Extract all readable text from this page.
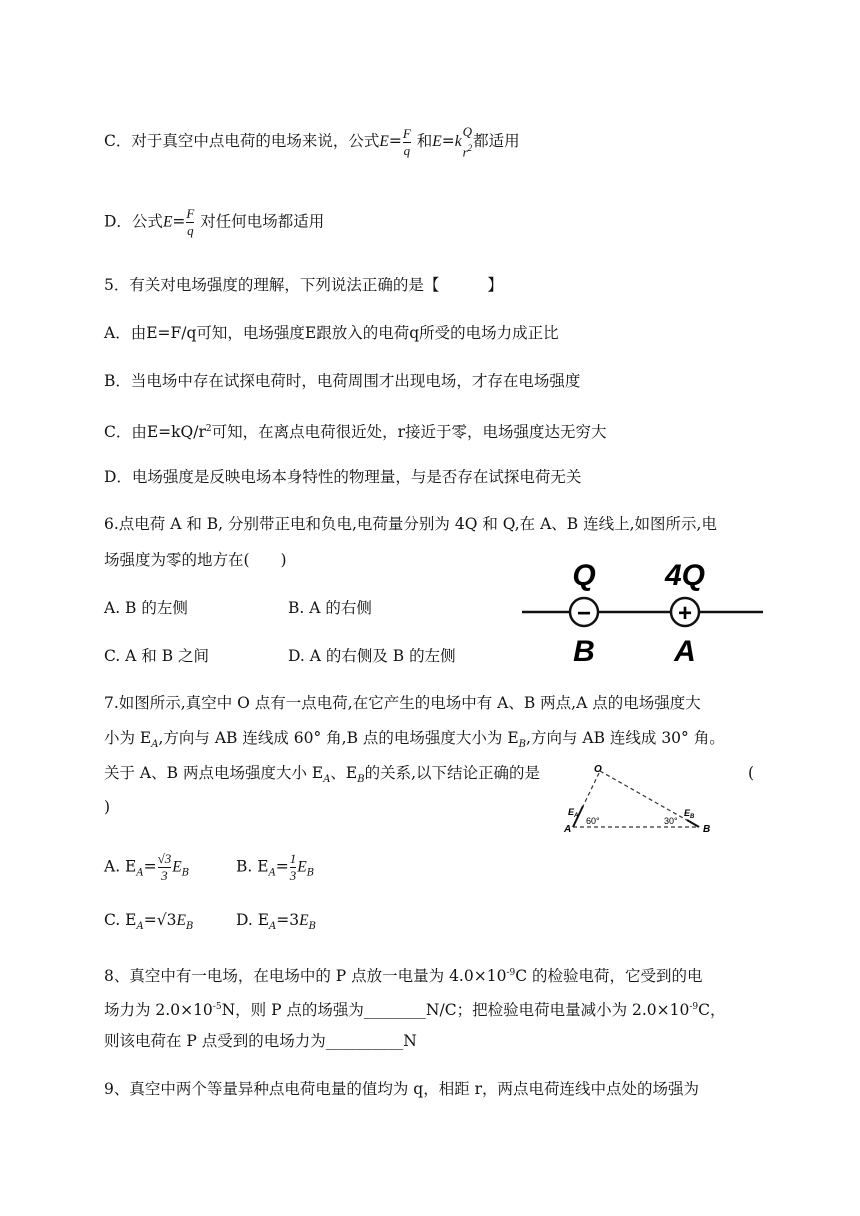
C．对于真空中点电荷的电场来说，公式$E= \frac{F}{q}$ 和E=k
Q
$r^2$ 都适用
D．公式$E= \frac{F}{q}$ 对任何电场都适用
5．有关对电场强度的理解，下列说法正确的是【	】
A．由E=F/q可知，电场强度E跟放入的电荷q所受的电场力成正比
B．当电场中存在试探电荷时，电荷周围才出现电场，才存在电场强度
C．由$E=kQ/r^2$可知，在离点电荷很近处，r接近于零，电场强度达无穷大
D．电场强度是反映电场本身特性的物理量，与是否存在试探电荷无关
6.点电荷 A 和 B, 分别带正电和负电,电荷量分别为 4Q 和 Q,在 A、B 连线上,如图所示,电
场强度为零的地方在(　　)
A. B 的左侧	B. A 的右侧
C. A 和 B 之间	D. A 的右侧及 B 的左侧
Q 4Q
−	+
B	A
7.如图所示,真空中 O 点有一点电荷,在它产生的电场中有 A、B 两点,A 点的电场强度大
小为 $E_A$,方向与 AB 连线成 60° 角,B 点的电场强度大小为 $E_B$,方向与 AB 连线成 30° 角。
关于 A、B 两点电场强度大小 $E_A$、$E_B$的关系,以下结论正确的是	(
)
O
A	B
$E_A$	$E_B$
60°	30°
A. $E_A= \frac{√3}{3} E_B$	B. $E_A= \frac{1}{3} E_B$
C. $E_A=√3E_B$	D. $E_A=3E_B$
8、真空中有一电场，在电场中的 P 点放一电量为 $4.0\times 10^{-9}C$ 的检验电荷，它受到的电
场力为 $2.0\times 10^{-5}N$，则 P 点的场强为________N/C；把检验电荷电量减小为 $2.0\times 10^{-9}C$，
则该电荷在 P 点受到的电场力为__________N
9、真空中两个等量异种点电荷电量的值均为 q，相距 r，两点电荷连线中点处的场强为
